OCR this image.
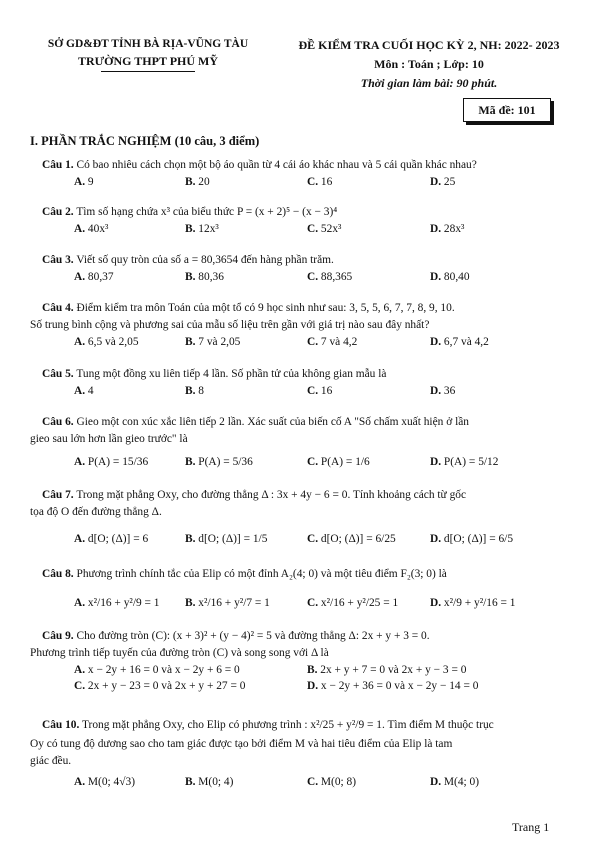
SỞ GD&ĐT TỈNH BÀ RỊA-VŨNG TÀU
TRƯỜNG THPT PHÚ MỸ
ĐỀ KIỂM TRA CUỐI HỌC KỲ 2, NH: 2022- 2023
Môn : Toán ; Lớp: 10
Thời gian làm bài: 90 phút.
Mã đề: 101
I. PHẦN TRẮC NGHIỆM (10 câu, 3 điểm)
Câu 1. Có bao nhiêu cách chọn một bộ áo quần từ 4 cái áo khác nhau và 5 cái quần khác nhau?
A. 9	B. 20	C. 16	D. 25
Câu 2. Tìm số hạng chứa x³ của biểu thức P = (x + 2)⁵ − (x − 3)⁴
A. 40x³	B. 12x³	C. 52x³	D. 28x³
Câu 3. Viết số quy tròn của số a = 80,3654 đến hàng phần trăm.
A. 80,37	B. 80,36	C. 88,365	D. 80,40
Câu 4. Điểm kiểm tra môn Toán của một tổ có 9 học sinh như sau: 3, 5, 5, 6, 7, 7, 8, 9, 10.
Số trung bình cộng và phương sai của mẫu số liệu trên gần với giá trị nào sau đây nhất?
A. 6,5 và 2,05	B. 7 và 2,05	C. 7 và 4,2	D. 6,7 và 4,2
Câu 5. Tung một đồng xu liên tiếp 4 lần. Số phần tử của không gian mẫu là
A. 4	B. 8	C. 16	D. 36
Câu 6. Gieo một con xúc xắc liên tiếp 2 lần. Xác suất của biến cố A "Số chấm xuất hiện ở lần
gieo sau lớn hơn lần gieo trước" là
A. P(A) = 15/36	B. P(A) = 5/36	C. P(A) = 1/6	D. P(A) = 5/12
Câu 7. Trong mặt phẳng Oxy, cho đường thẳng Δ : 3x + 4y − 6 = 0. Tính khoảng cách từ gốc
tọa độ O đến đường thẳng Δ.
A. d[O; (Δ)] = 6	B. d[O; (Δ)] = 1/5	C. d[O; (Δ)] = 6/25	D. d[O; (Δ)] = 6/5
Câu 8. Phương trình chính tắc của Elip có một đỉnh A₂(4; 0) và một tiêu điểm F₂(3; 0) là
A. x²/16 + y²/9 = 1 B. x²/16 + y²/7 = 1	C. x²/16 + y²/25 = 1	D. x²/9 + y²/16 = 1
Câu 9. Cho đường tròn (C): (x + 3)² + (y − 4)² = 5 và đường thẳng Δ: 2x + y + 3 = 0.
Phương trình tiếp tuyến của đường tròn (C) và song song với Δ là
A. x − 2y + 16 = 0 và x − 2y + 6 = 0	B. 2x + y + 7 = 0 và 2x + y − 3 = 0
C. 2x + y − 23 = 0 và 2x + y + 27 = 0	D. x − 2y + 36 = 0 và x − 2y − 14 = 0
Câu 10. Trong mặt phẳng Oxy, cho Elip có phương trình : x²/25 + y²/9 = 1. Tìm điểm M thuộc trục
Oy có tung độ dương sao cho tam giác được tạo bởi điểm M và hai tiêu điểm của Elip là tam
giác đều.
A. M(0; 4√3)	B. M(0; 4)	C. M(0; 8)	D. M(4; 0)
Trang 1
